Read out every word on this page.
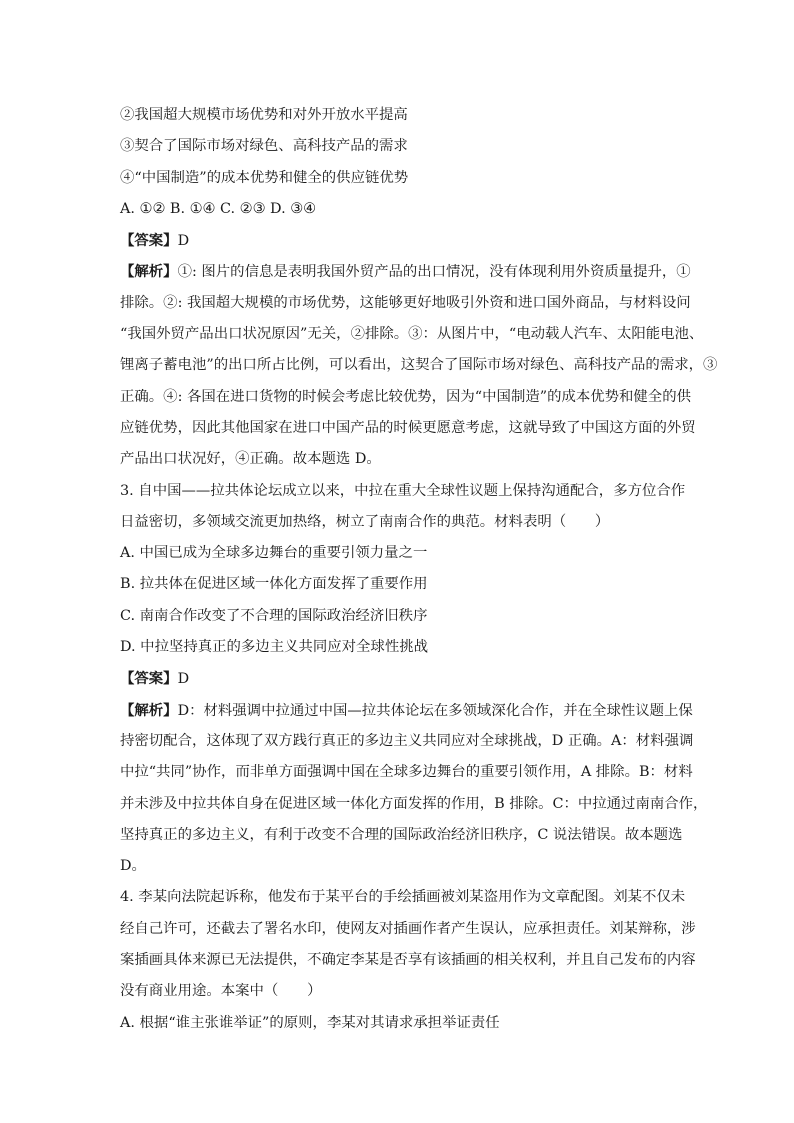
②我国超大规模市场优势和对外开放水平提高
③契合了国际市场对绿色、高科技产品的需求
④“中国制造”的成本优势和健全的供应链优势
A. ①② B. ①④ C. ②③ D. ③④
【答案】D
【解析】①: 图片的信息是表明我国外贸产品的出口情况，没有体现利用外资质量提升，①
排除。②: 我国超大规模的市场优势，这能够更好地吸引外资和进口国外商品，与材料设问
“我国外贸产品出口状况原因”无关，②排除。③：从图片中，“电动载人汽车、太阳能电池、
锂离子蓄电池”的出口所占比例，可以看出，这契合了国际市场对绿色、高科技产品的需求，③
正确。④: 各国在进口货物的时候会考虑比较优势，因为“中国制造”的成本优势和健全的供
应链优势，因此其他国家在进口中国产品的时候更愿意考虑，这就导致了中国这方面的外贸
产品出口状况好，④正确。故本题选 D。
3. 自中国——拉共体论坛成立以来，中拉在重大全球性议题上保持沟通配合，多方位合作
日益密切，多领域交流更加热络，树立了南南合作的典范。材料表明（　　）
A. 中国已成为全球多边舞台的重要引领力量之一
B. 拉共体在促进区域一体化方面发挥了重要作用
C. 南南合作改变了不合理的国际政治经济旧秩序
D. 中拉坚持真正的多边主义共同应对全球性挑战
【答案】D
【解析】D：材料强调中拉通过中国—拉共体论坛在多领域深化合作，并在全球性议题上保
持密切配合，这体现了双方践行真正的多边主义共同应对全球挑战，D 正确。A：材料强调
中拉“共同”协作，而非单方面强调中国在全球多边舞台的重要引领作用，A 排除。B：材料
并未涉及中拉共体自身在促进区域一体化方面发挥的作用，B 排除。C：中拉通过南南合作，
坚持真正的多边主义，有利于改变不合理的国际政治经济旧秩序，C 说法错误。故本题选
D。
4. 李某向法院起诉称，他发布于某平台的手绘插画被刘某盗用作为文章配图。刘某不仅未
经自己许可，还截去了署名水印，使网友对插画作者产生误认，应承担责任。刘某辩称，涉
案插画具体来源已无法提供，不确定李某是否享有该插画的相关权利，并且自己发布的内容
没有商业用途。本案中（　　）
A. 根据“谁主张谁举证”的原则，李某对其请求承担举证责任
